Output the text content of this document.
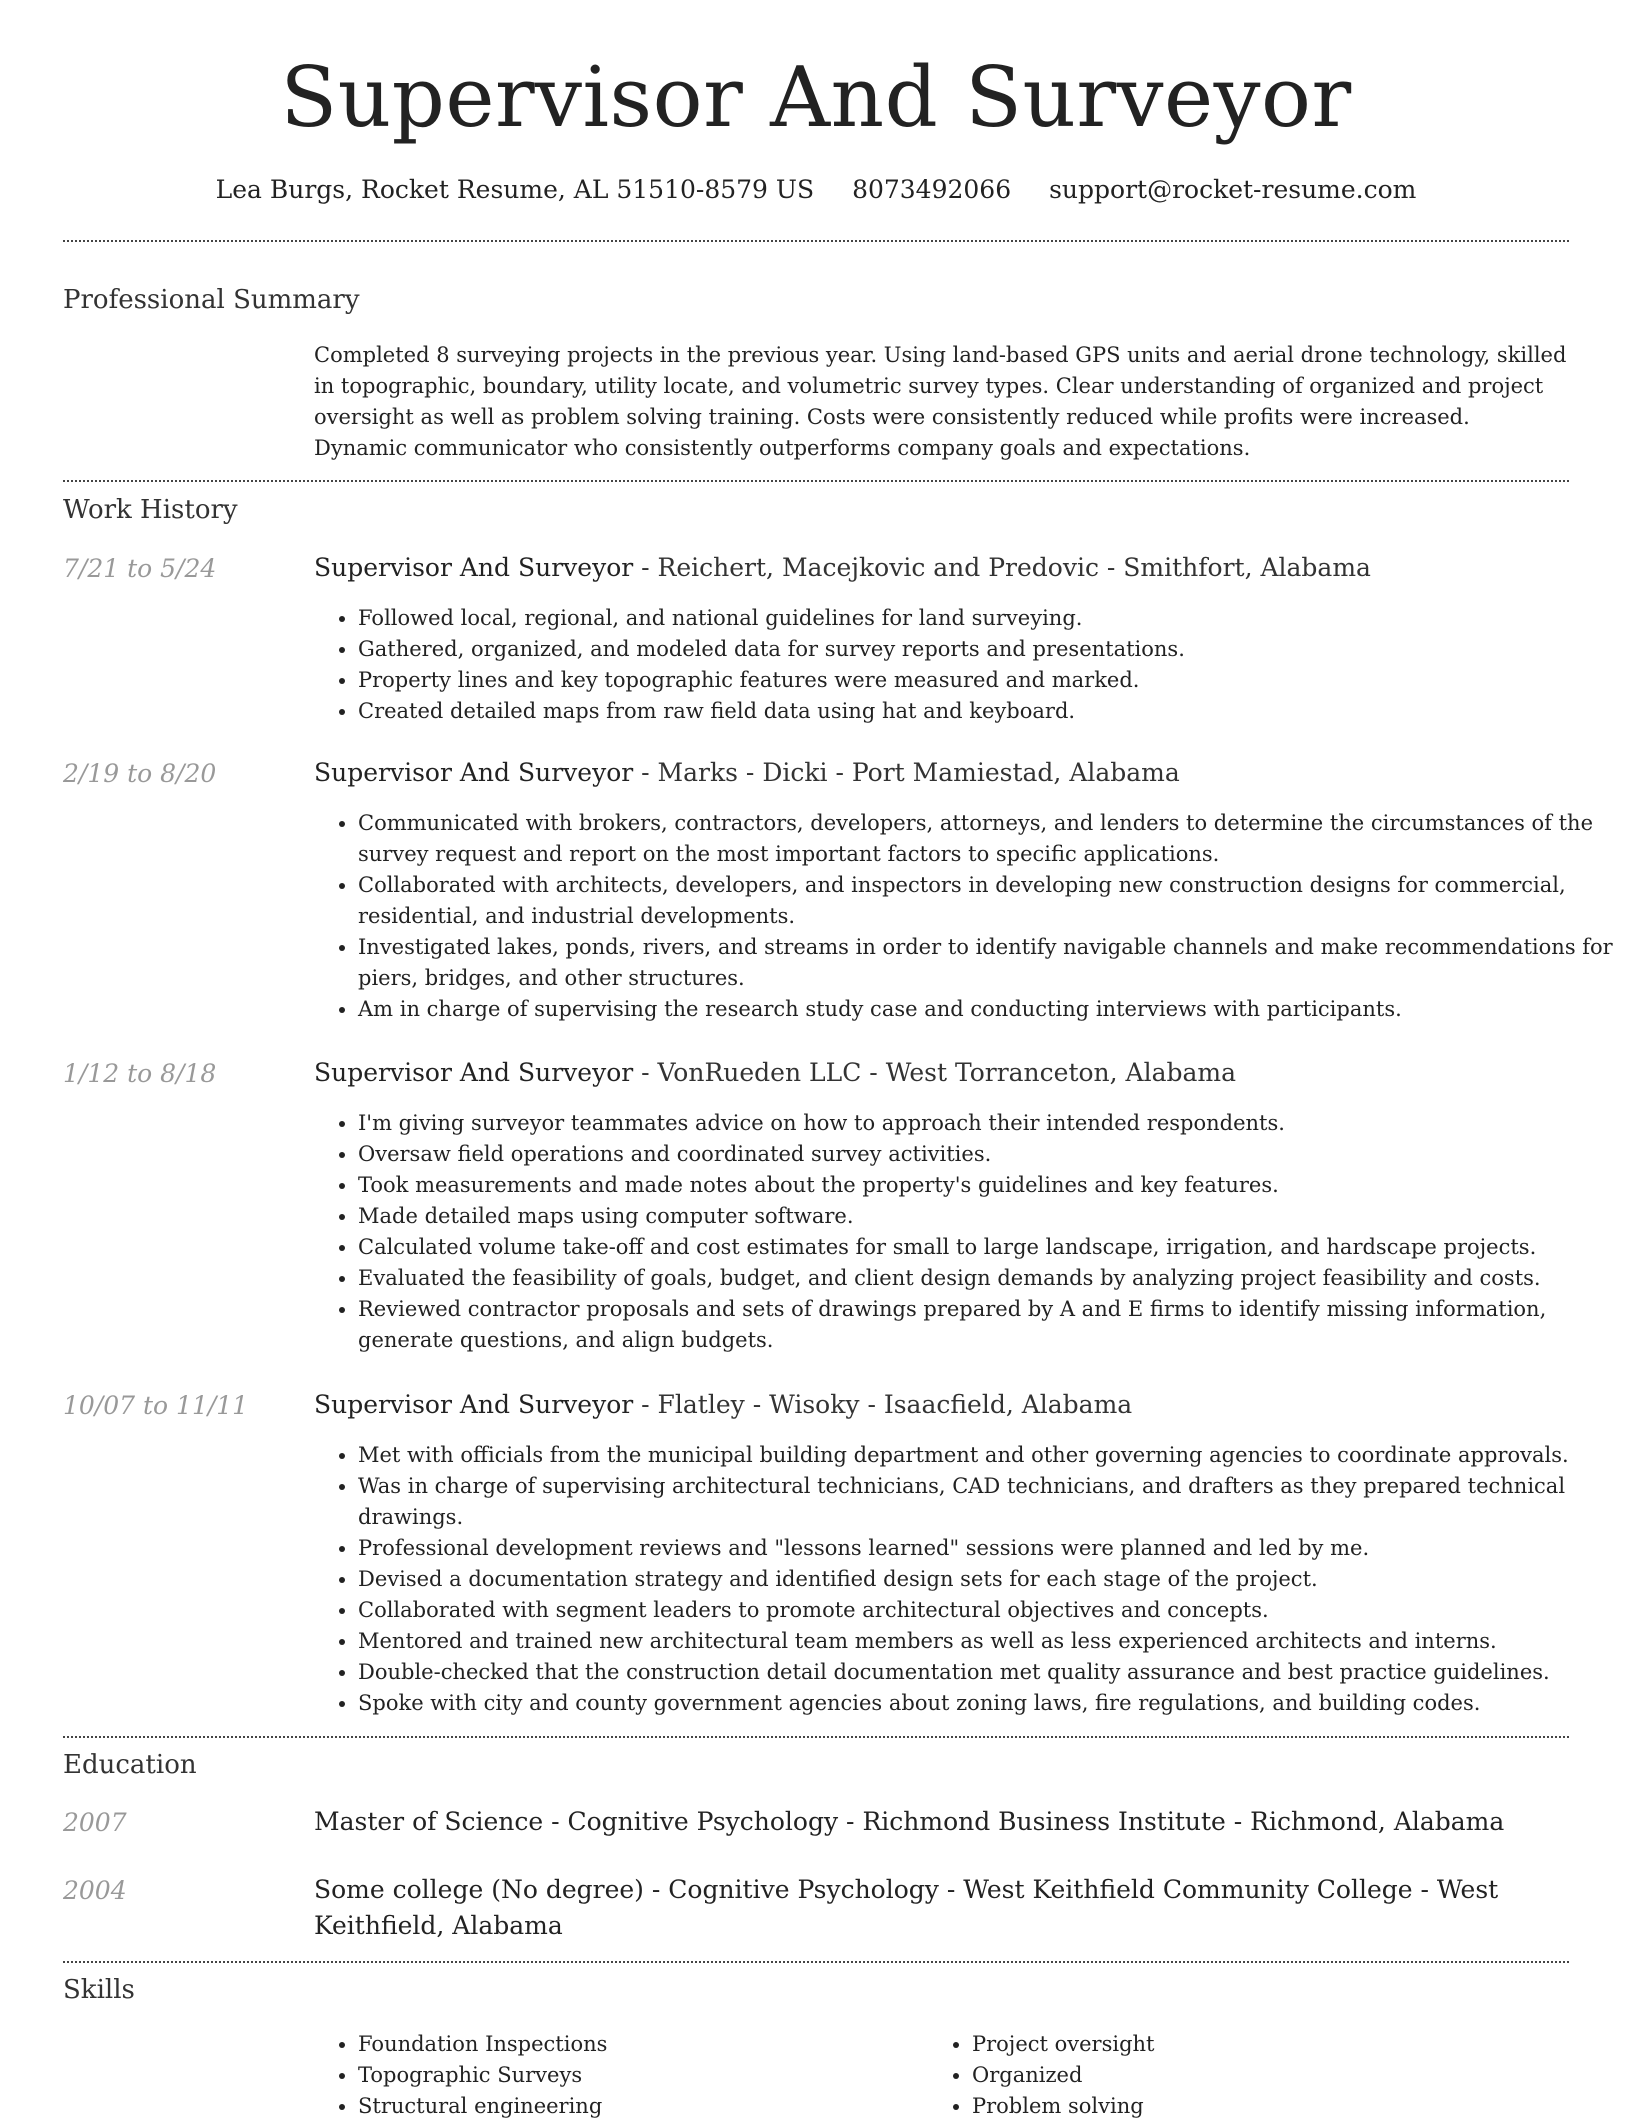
Supervisor And Surveyor
Lea Burgs, Rocket Resume, AL 51510-8579 US 8073492066 support@rocket-resume.com
Professional Summary
Completed 8 surveying projects in the previous year. Using land-based GPS units and aerial drone technology, skilled in topographic, boundary, utility locate, and volumetric survey types. Clear understanding of organized and project oversight as well as problem solving training. Costs were consistently reduced while profits were increased. Dynamic communicator who consistently outperforms company goals and expectations.
Work History
7/21 to 5/24	Supervisor And Surveyor - Reichert, Macejkovic and Predovic - Smithfort, Alabama
• Followed local, regional, and national guidelines for land surveying.
• Gathered, organized, and modeled data for survey reports and presentations.
• Property lines and key topographic features were measured and marked.
• Created detailed maps from raw field data using hat and keyboard.
2/19 to 8/20	Supervisor And Surveyor - Marks - Dicki - Port Mamiestad, Alabama
• Communicated with brokers, contractors, developers, attorneys, and lenders to determine the circumstances of the survey request and report on the most important factors to specific applications.
• Collaborated with architects, developers, and inspectors in developing new construction designs for commercial, residential, and industrial developments.
• Investigated lakes, ponds, rivers, and streams in order to identify navigable channels and make recommendations for piers, bridges, and other structures.
• Am in charge of supervising the research study case and conducting interviews with participants.
1/12 to 8/18	Supervisor And Surveyor - VonRueden LLC - West Torranceton, Alabama
• I'm giving surveyor teammates advice on how to approach their intended respondents.
• Oversaw field operations and coordinated survey activities.
• Took measurements and made notes about the property's guidelines and key features.
• Made detailed maps using computer software.
• Calculated volume take-off and cost estimates for small to large landscape, irrigation, and hardscape projects.
• Evaluated the feasibility of goals, budget, and client design demands by analyzing project feasibility and costs.
• Reviewed contractor proposals and sets of drawings prepared by A and E firms to identify missing information, generate questions, and align budgets.
10/07 to 11/11	Supervisor And Surveyor - Flatley - Wisoky - Isaacfield, Alabama
• Met with officials from the municipal building department and other governing agencies to coordinate approvals.
• Was in charge of supervising architectural technicians, CAD technicians, and drafters as they prepared technical drawings.
• Professional development reviews and "lessons learned" sessions were planned and led by me.
• Devised a documentation strategy and identified design sets for each stage of the project.
• Collaborated with segment leaders to promote architectural objectives and concepts.
• Mentored and trained new architectural team members as well as less experienced architects and interns.
• Double-checked that the construction detail documentation met quality assurance and best practice guidelines.
• Spoke with city and county government agencies about zoning laws, fire regulations, and building codes.
Education
2007	Master of Science - Cognitive Psychology - Richmond Business Institute - Richmond, Alabama
2004	Some college (No degree) - Cognitive Psychology - West Keithfield Community College - West Keithfield, Alabama
Skills
• Foundation Inspections
• Topographic Surveys
• Structural engineering
• Project oversight
• Organized
• Problem solving
